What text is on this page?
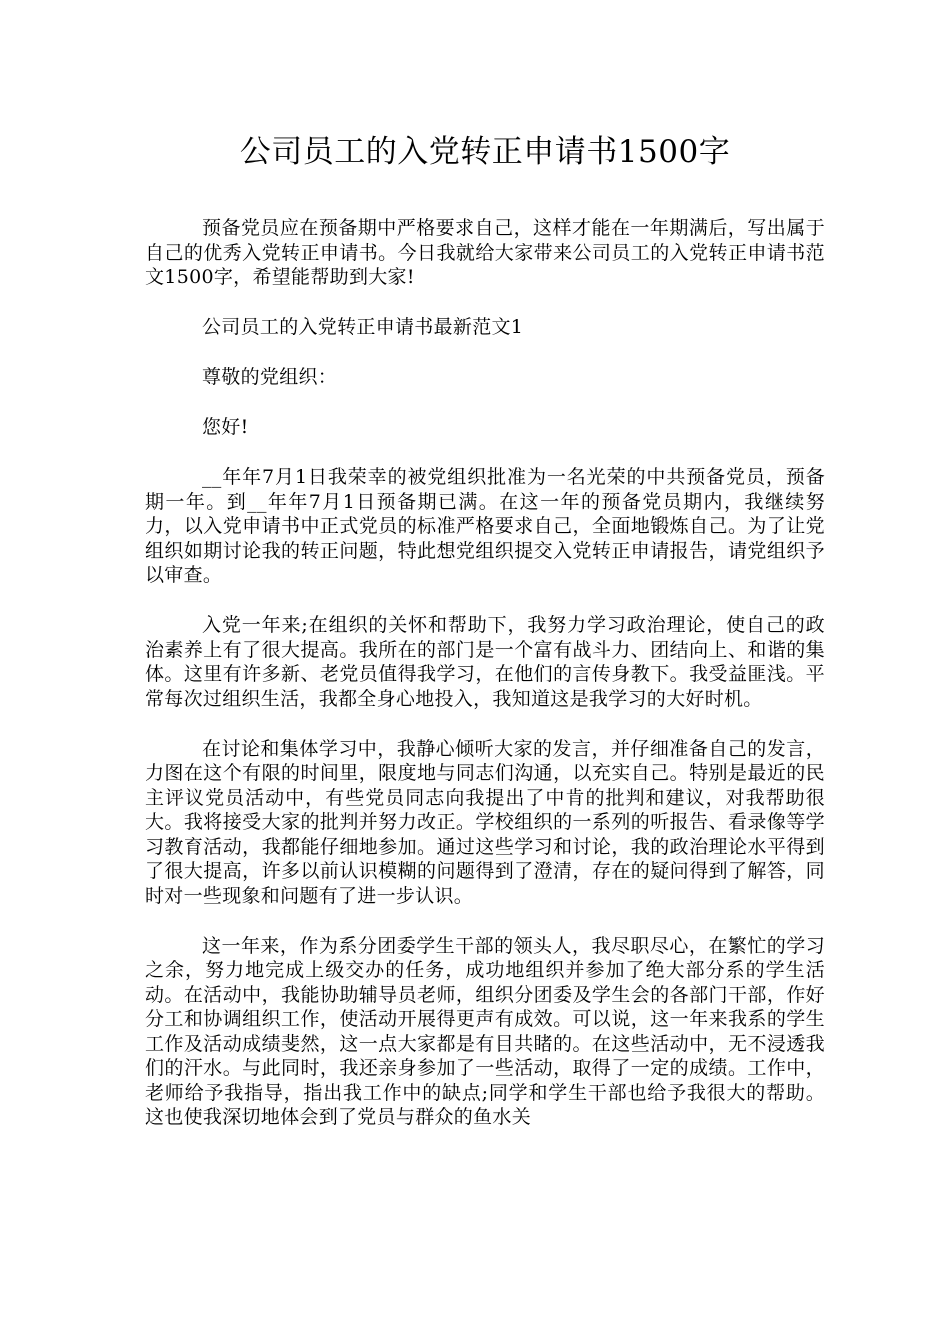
公司员工的入党转正申请书1500字

预备党员应在预备期中严格要求自己，这样才能在一年期满后，写出属于自己的优秀入党转正申请书。今日我就给大家带来公司员工的入党转正申请书范文1500字，希望能帮助到大家!

公司员工的入党转正申请书最新范文1

尊敬的党组织：

您好!

__年年7月1日我荣幸的被党组织批准为一名光荣的中共预备党员，预备期一年。到__年年7月1日预备期已满。在这一年的预备党员期内，我继续努力，以入党申请书中正式党员的标准严格要求自己，全面地锻炼自己。为了让党组织如期讨论我的转正问题，特此想党组织提交入党转正申请报告，请党组织予以审查。

入党一年来;在组织的关怀和帮助下，我努力学习政治理论，使自己的政治素养上有了很大提高。我所在的部门是一个富有战斗力、团结向上、和谐的集体。这里有许多新、老党员值得我学习，在他们的言传身教下。我受益匪浅。平常每次过组织生活，我都全身心地投入，我知道这是我学习的大好时机。

在讨论和集体学习中，我静心倾听大家的发言，并仔细准备自己的发言，力图在这个有限的时间里，限度地与同志们沟通，以充实自己。特别是最近的民主评议党员活动中，有些党员同志向我提出了中肯的批判和建议，对我帮助很大。我将接受大家的批判并努力改正。学校组织的一系列的听报告、看录像等学习教育活动，我都能仔细地参加。通过这些学习和讨论，我的政治理论水平得到了很大提高，许多以前认识模糊的问题得到了澄清，存在的疑问得到了解答，同时对一些现象和问题有了进一步认识。

这一年来，作为系分团委学生干部的领头人，我尽职尽心，在繁忙的学习之余，努力地完成上级交办的任务，成功地组织并参加了绝大部分系的学生活动。在活动中，我能协助辅导员老师，组织分团委及学生会的各部门干部，作好分工和协调组织工作，使活动开展得更声有成效。可以说，这一年来我系的学生工作及活动成绩斐然，这一点大家都是有目共睹的。在这些活动中，无不浸透我们的汗水。与此同时，我还亲身参加了一些活动，取得了一定的成绩。工作中，老师给予我指导，指出我工作中的缺点;同学和学生干部也给予我很大的帮助。这也使我深切地体会到了党员与群众的鱼水关
